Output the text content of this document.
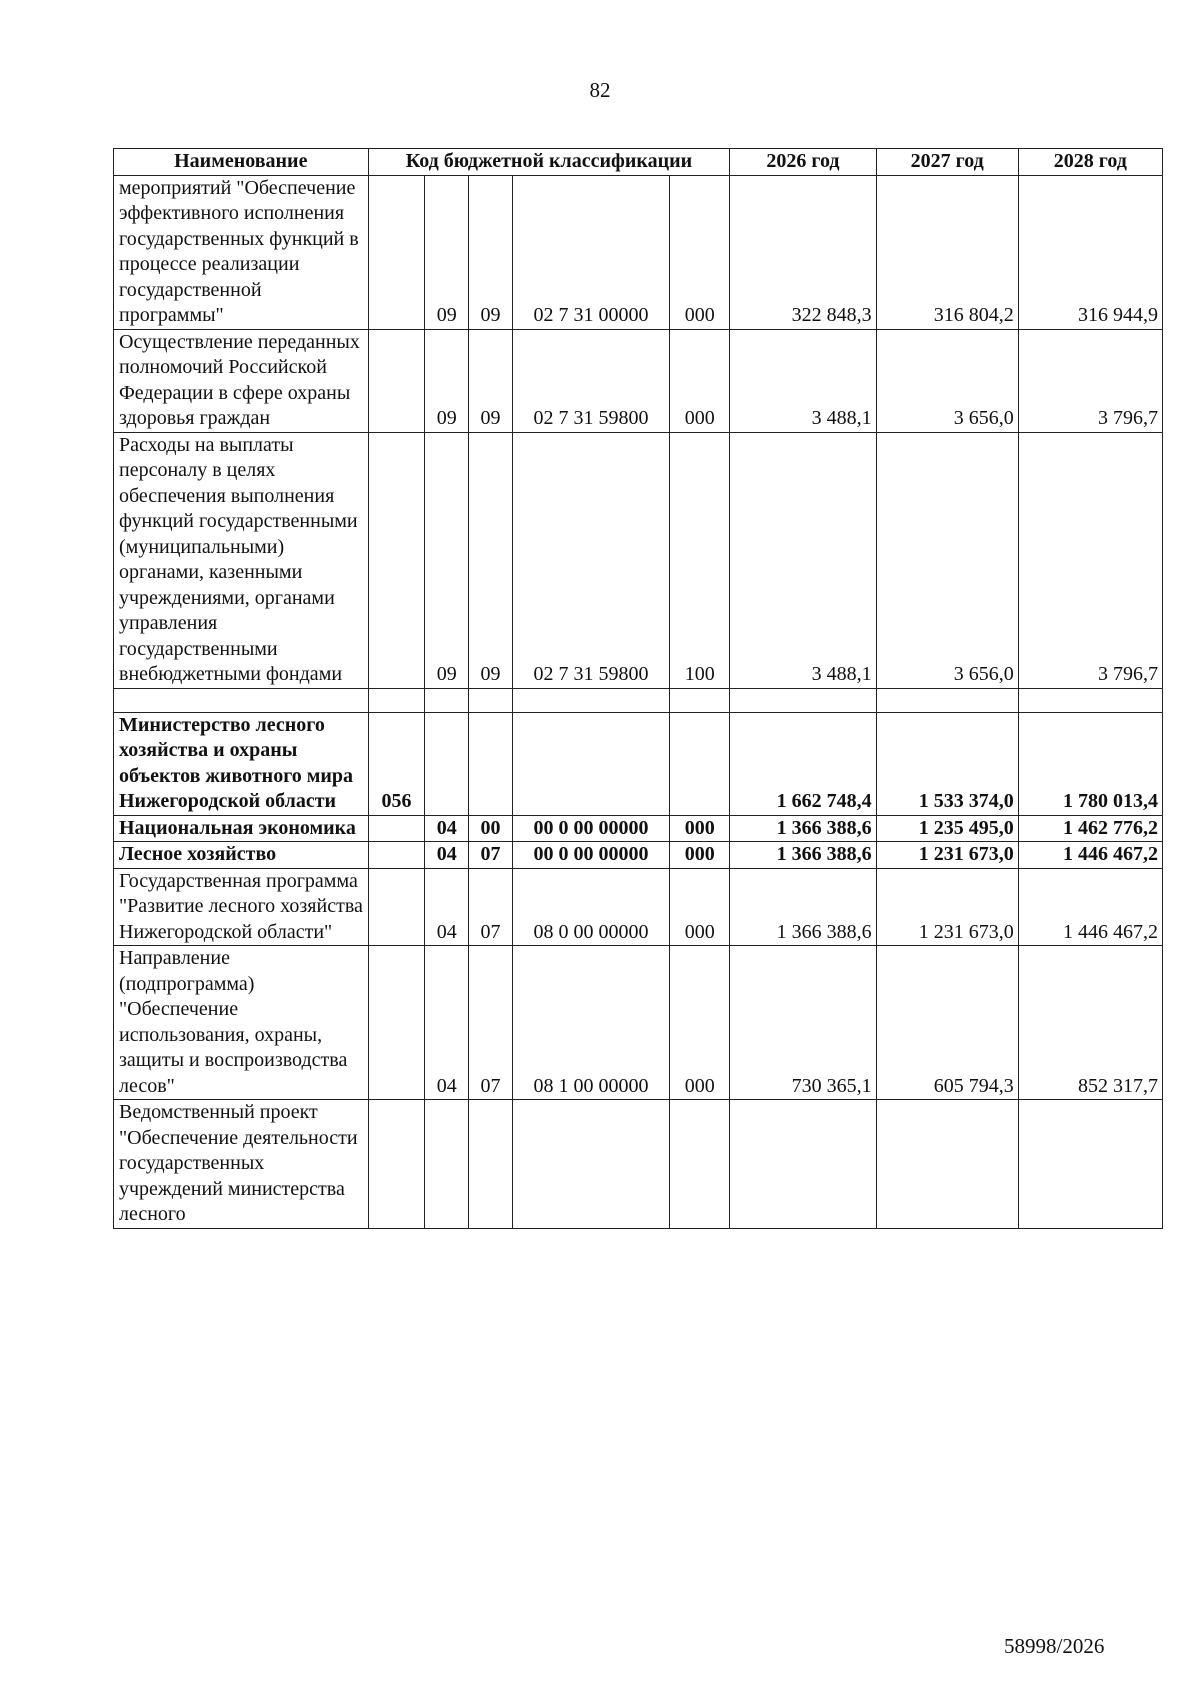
82
Наименование	Код бюджетной классификации					2026 год	2027 год	2028 год
мероприятий "Обеспечение эффективного исполнения государственных функций в процессе реализации государственной программы"		09	09	02 7 31 00000	000	322 848,3	316 804,2	316 944,9
Осуществление переданных полномочий Российской Федерации в сфере охраны здоровья граждан		09	09	02 7 31 59800	000	3 488,1	3 656,0	3 796,7
Расходы на выплаты персоналу в целях обеспечения выполнения функций государственными (муниципальными) органами, казенными учреждениями, органами управления государственными внебюджетными фондами		09	09	02 7 31 59800	100	3 488,1	3 656,0	3 796,7

Министерство лесного хозяйства и охраны объектов животного мира Нижегородской области	056					1 662 748,4	1 533 374,0	1 780 013,4
Национальная экономика		04	00	00 0 00 00000	000	1 366 388,6	1 235 495,0	1 462 776,2
Лесное хозяйство		04	07	00 0 00 00000	000	1 366 388,6	1 231 673,0	1 446 467,2
Государственная программа "Развитие лесного хозяйства Нижегородской области"		04	07	08 0 00 00000	000	1 366 388,6	1 231 673,0	1 446 467,2
Направление (подпрограмма) "Обеспечение использования, охраны, защиты и воспроизводства лесов"		04	07	08 1 00 00000	000	730 365,1	605 794,3	852 317,7
Ведомственный проект "Обеспечение деятельности государственных учреждений министерства лесного								
58998/2026
